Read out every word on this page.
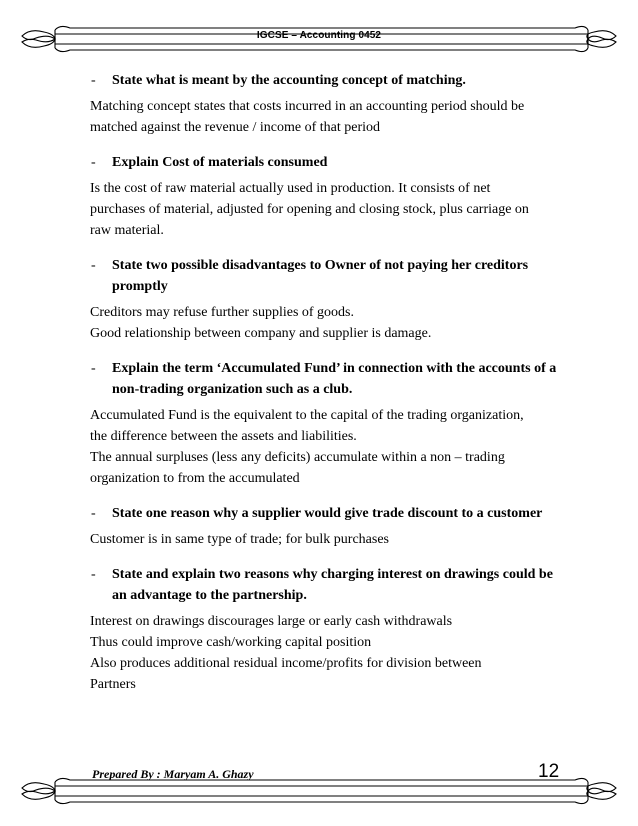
IGCSE – Accounting 0452
- State what is meant by the accounting concept of matching.

Matching concept states that costs incurred in an accounting period should be

matched against the revenue / income of that period

- Explain Cost of materials consumed

Is the cost of raw material actually used in production. It consists of net

purchases of material, adjusted for opening and closing stock, plus carriage on

raw material.

- State two possible disadvantages to Owner of not paying her creditors promptly

Creditors may refuse further supplies of goods.

Good relationship between company and supplier is damage.

- Explain the term ‘Accumulated Fund’ in connection with the accounts of a non-trading organization such as a club.

Accumulated Fund is the equivalent to the capital of the trading organization,

the difference between the assets and liabilities.

The annual surpluses (less any deficits) accumulate within a non – trading

organization to from the accumulated

- State one reason why a supplier would give trade discount to a customer

Customer is in same type of trade; for bulk purchases

- State and explain two reasons why charging interest on drawings could be an advantage to the partnership.

Interest on drawings discourages large or early cash withdrawals

Thus could improve cash/working capital position

Also produces additional residual income/profits for division between

Partners

Prepared By : Maryam A. Ghazy	12
